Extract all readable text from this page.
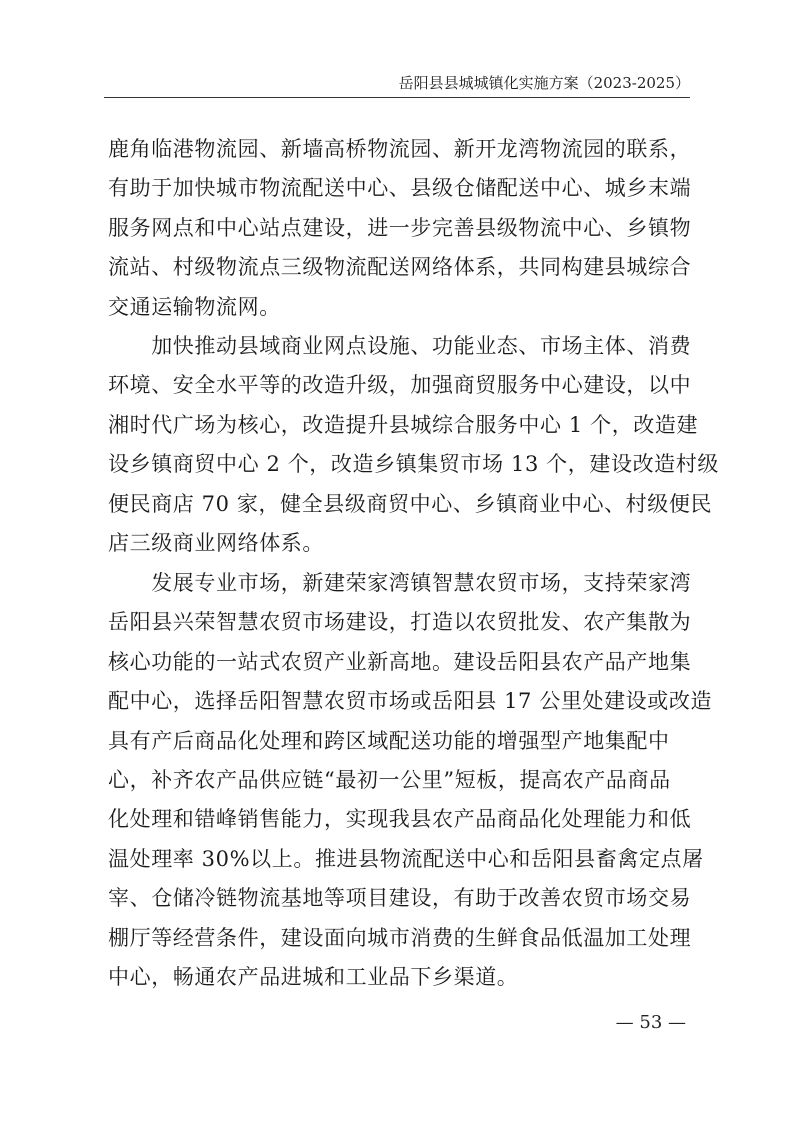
岳阳县县城城镇化实施方案（2023-2025）
鹿角临港物流园、新墙高桥物流园、新开龙湾物流园的联系，
有助于加快城市物流配送中心、县级仓储配送中心、城乡末端
服务网点和中心站点建设，进一步完善县级物流中心、乡镇物
流站、村级物流点三级物流配送网络体系，共同构建县城综合
交通运输物流网。
　　加快推动县域商业网点设施、功能业态、市场主体、消费
环境、安全水平等的改造升级，加强商贸服务中心建设，以中
湘时代广场为核心，改造提升县城综合服务中心 1 个，改造建
设乡镇商贸中心 2 个，改造乡镇集贸市场 13 个，建设改造村级
便民商店 70 家，健全县级商贸中心、乡镇商业中心、村级便民
店三级商业网络体系。
　　发展专业市场，新建荣家湾镇智慧农贸市场，支持荣家湾
岳阳县兴荣智慧农贸市场建设，打造以农贸批发、农产集散为
核心功能的一站式农贸产业新高地。建设岳阳县农产品产地集
配中心，选择岳阳智慧农贸市场或岳阳县 17 公里处建设或改造
具有产后商品化处理和跨区域配送功能的增强型产地集配中
心，补齐农产品供应链“最初一公里”短板，提高农产品商品
化处理和错峰销售能力，实现我县农产品商品化处理能力和低
温处理率 30%以上。推进县物流配送中心和岳阳县畜禽定点屠
宰、仓储冷链物流基地等项目建设，有助于改善农贸市场交易
棚厅等经营条件，建设面向城市消费的生鲜食品低温加工处理
中心，畅通农产品进城和工业品下乡渠道。
— 53 —
